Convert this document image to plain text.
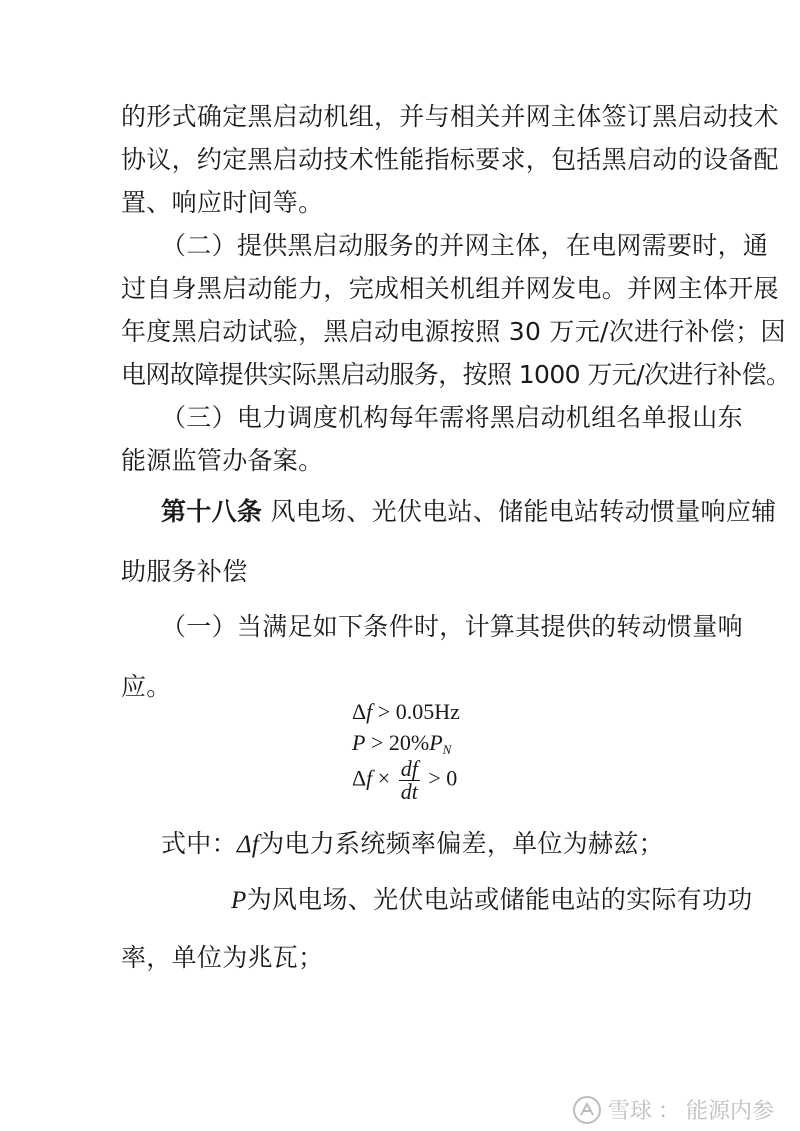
的形式确定黑启动机组，并与相关并网主体签订黑启动技术
协议，约定黑启动技术性能指标要求，包括黑启动的设备配
置、响应时间等。
（二）提供黑启动服务的并网主体，在电网需要时，通
过自身黑启动能力，完成相关机组并网发电。并网主体开展
年度黑启动试验，黑启动电源按照 30 万元/次进行补偿；因
电网故障提供实际黑启动服务，按照 1000 万元/次进行补偿。
（三）电力调度机构每年需将黑启动机组名单报山东
能源监管办备案。
第十八条 风电场、光伏电站、储能电站转动惯量响应辅
助服务补偿
（一）当满足如下条件时，计算其提供的转动惯量响
应。
Δf > 0.05Hz
$P > 20\%P_N$
$\Delta f \times \frac{df}{dt} > 0$
式中：Δf为电力系统频率偏差，单位为赫兹；
P为风电场、光伏电站或储能电站的实际有功功
率，单位为兆瓦；
雪球 ： 能源内参
